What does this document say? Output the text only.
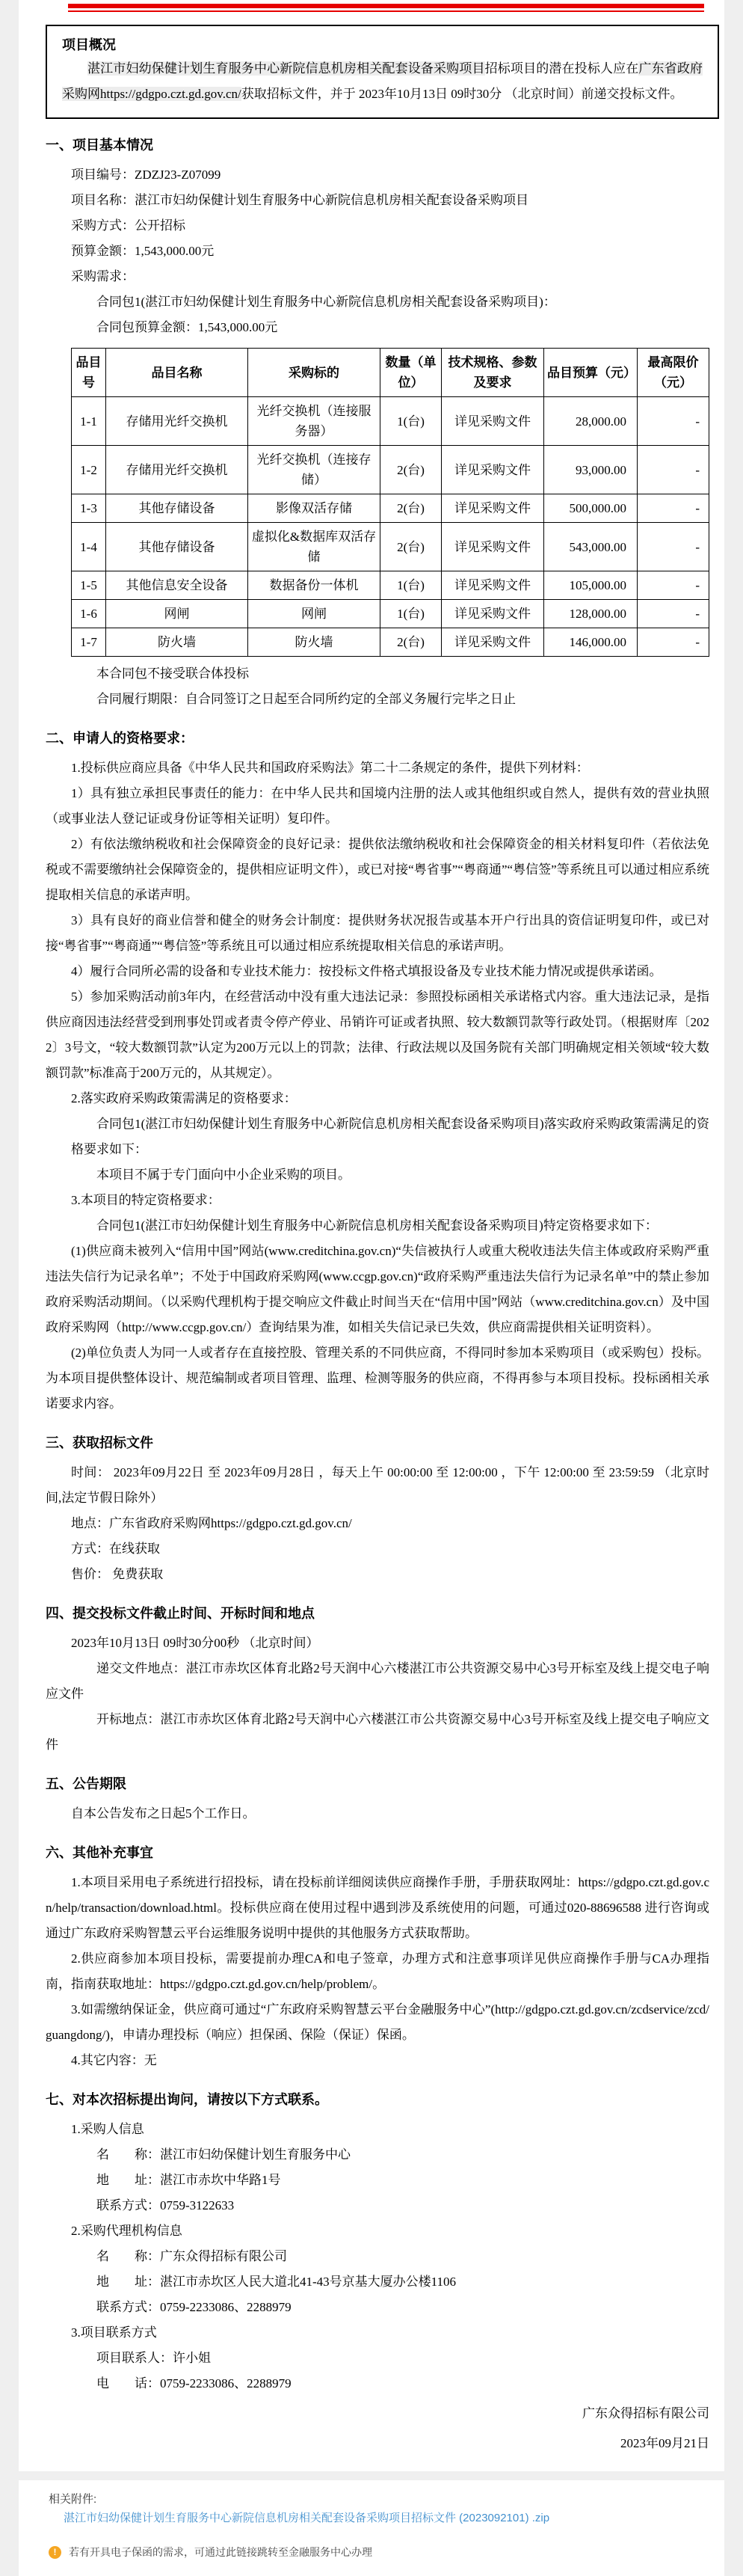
项目概况

湛江市妇幼保健计划生育服务中心新院信息机房相关配套设备采购项目招标项目的潜在投标人应在广东省政府采购网https://gdgpo.czt.gd.gov.cn/获取招标文件，并于 2023年10月13日 09时30分 （北京时间）前递交投标文件。

一、项目基本情况

项目编号：ZDZJ23-Z07099

项目名称：湛江市妇幼保健计划生育服务中心新院信息机房相关配套设备采购项目

采购方式：公开招标

预算金额：1,543,000.00元

采购需求：

合同包1(湛江市妇幼保健计划生育服务中心新院信息机房相关配套设备采购项目)：

合同包预算金额：1,543,000.00元

品目号	品目名称	采购标的	数量（单位）	技术规格、参数及要求	品目预算（元）	最高限价（元）
1-1	存储用光纤交换机	光纤交换机（连接服务器）	1(台)	详见采购文件	28,000.00	-
1-2	存储用光纤交换机	光纤交换机（连接存储）	2(台)	详见采购文件	93,000.00	-
1-3	其他存储设备	影像双活存储	2(台)	详见采购文件	500,000.00	-
1-4	其他存储设备	虚拟化&数据库双活存储	2(台)	详见采购文件	543,000.00	-
1-5	其他信息安全设备	数据备份一体机	1(台)	详见采购文件	105,000.00	-
1-6	网闸	网闸	1(台)	详见采购文件	128,000.00	-
1-7	防火墙	防火墙	2(台)	详见采购文件	146,000.00	-

本合同包不接受联合体投标

合同履行期限：自合同签订之日起至合同所约定的全部义务履行完毕之日止

二、申请人的资格要求：

1.投标供应商应具备《中华人民共和国政府采购法》第二十二条规定的条件，提供下列材料：

1）具有独立承担民事责任的能力：在中华人民共和国境内注册的法人或其他组织或自然人，提供有效的营业执照（或事业法人登记证或身份证等相关证明）复印件。

2）有依法缴纳税收和社会保障资金的良好记录：提供依法缴纳税收和社会保障资金的相关材料复印件（若依法免税或不需要缴纳社会保障资金的，提供相应证明文件），或已对接“粤省事”“粤商通”“粤信签”等系统且可以通过相应系统提取相关信息的承诺声明。

3）具有良好的商业信誉和健全的财务会计制度：提供财务状况报告或基本开户行出具的资信证明复印件，或已对接“粤省事”“粤商通”“粤信签”等系统且可以通过相应系统提取相关信息的承诺声明。

4）履行合同所必需的设备和专业技术能力：按投标文件格式填报设备及专业技术能力情况或提供承诺函。

5）参加采购活动前3年内，在经营活动中没有重大违法记录：参照投标函相关承诺格式内容。重大违法记录，是指供应商因违法经营受到刑事处罚或者责令停产停业、吊销许可证或者执照、较大数额罚款等行政处罚。（根据财库〔2022〕3号文，“较大数额罚款”认定为200万元以上的罚款；法律、行政法规以及国务院有关部门明确规定相关领域“较大数额罚款”标准高于200万元的，从其规定）。

2.落实政府采购政策需满足的资格要求：

合同包1(湛江市妇幼保健计划生育服务中心新院信息机房相关配套设备采购项目)落实政府采购政策需满足的资格要求如下：

本项目不属于专门面向中小企业采购的项目。

3.本项目的特定资格要求：

合同包1(湛江市妇幼保健计划生育服务中心新院信息机房相关配套设备采购项目)特定资格要求如下：

(1)供应商未被列入“信用中国”网站(www.creditchina.gov.cn)“失信被执行人或重大税收违法失信主体或政府采购严重违法失信行为记录名单”；不处于中国政府采购网(www.ccgp.gov.cn)“政府采购严重违法失信行为记录名单”中的禁止参加政府采购活动期间。（以采购代理机构于提交响应文件截止时间当天在“信用中国”网站（www.creditchina.gov.cn）及中国政府采购网（http://www.ccgp.gov.cn/）查询结果为准，如相关失信记录已失效，供应商需提供相关证明资料）。

(2)单位负责人为同一人或者存在直接控股、管理关系的不同供应商，不得同时参加本采购项目（或采购包）投标。为本项目提供整体设计、规范编制或者项目管理、监理、检测等服务的供应商，不得再参与本项目投标。投标函相关承诺要求内容。

三、获取招标文件

时间： 2023年09月22日 至 2023年09月28日 ，每天上午 00:00:00 至 12:00:00 ，下午 12:00:00 至 23:59:59 （北京时间,法定节假日除外）

地点：广东省政府采购网https://gdgpo.czt.gd.gov.cn/

方式：在线获取

售价： 免费获取

四、提交投标文件截止时间、开标时间和地点

2023年10月13日 09时30分00秒 （北京时间）

递交文件地点：湛江市赤坎区体育北路2号天润中心六楼湛江市公共资源交易中心3号开标室及线上提交电子响应文件

开标地点：湛江市赤坎区体育北路2号天润中心六楼湛江市公共资源交易中心3号开标室及线上提交电子响应文件

五、公告期限

自本公告发布之日起5个工作日。

六、其他补充事宜

1.本项目采用电子系统进行招投标，请在投标前详细阅读供应商操作手册，手册获取网址：https://gdgpo.czt.gd.gov.cn/help/transaction/download.html。投标供应商在使用过程中遇到涉及系统使用的问题，可通过020-88696588 进行咨询或通过广东政府采购智慧云平台运维服务说明中提供的其他服务方式获取帮助。

2.供应商参加本项目投标，需要提前办理CA和电子签章，办理方式和注意事项详见供应商操作手册与CA办理指南，指南获取地址：https://gdgpo.czt.gd.gov.cn/help/problem/。

3.如需缴纳保证金，供应商可通过“广东政府采购智慧云平台金融服务中心”(http://gdgpo.czt.gd.gov.cn/zcdservice/zcd/guangdong/)，申请办理投标（响应）担保函、保险（保证）保函。

4.其它内容：无

七、对本次招标提出询问，请按以下方式联系。

1.采购人信息

名　　称：湛江市妇幼保健计划生育服务中心

地　　址：湛江市赤坎中华路1号

联系方式：0759-3122633

2.采购代理机构信息

名　　称：广东众得招标有限公司

地　　址：湛江市赤坎区人民大道北41-43号京基大厦办公楼1106

联系方式：0759-2233086、2288979

3.项目联系方式

项目联系人：许小姐

电　　话：0759-2233086、2288979

广东众得招标有限公司

2023年09月21日

相关附件:
湛江市妇幼保健计划生育服务中心新院信息机房相关配套设备采购项目招标文件 (2023092101) .zip
!	若有开具电子保函的需求，可通过此链接跳转至金融服务中心办理
